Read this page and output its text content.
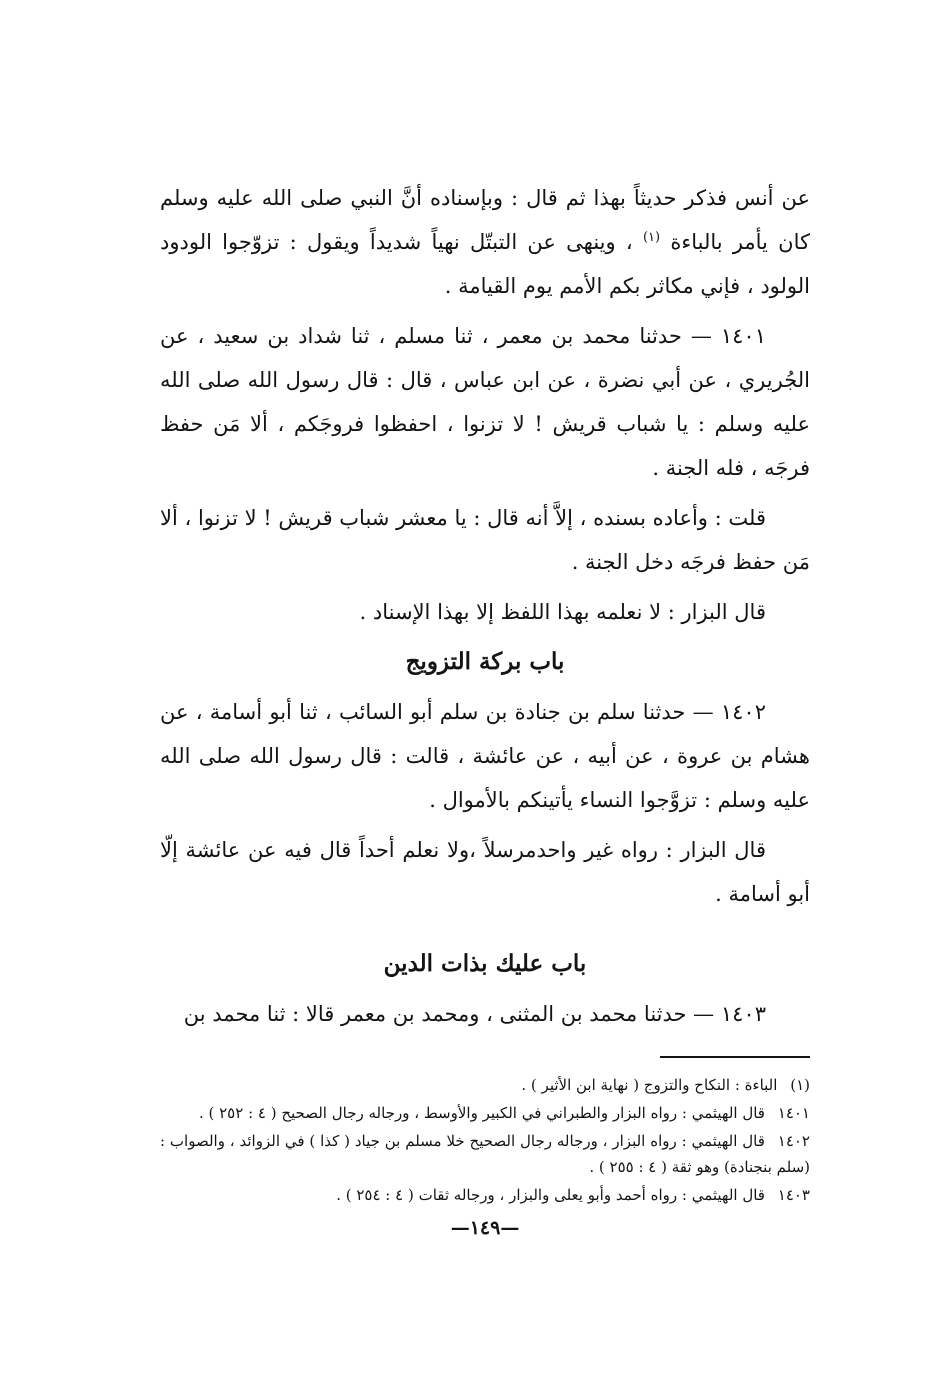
عن أنس فذكر حديثاً بهذا ثم قال : وبإسناده أنَّ النبي صلى الله عليه وسلم كان يأمر بالباءة $^{(١)}$ ، وينهى عن التبتّل نهياً شديداً ويقول : تزوّجوا الودود الولود ، فإني مكاثر بكم الأمم يوم القيامة .

١٤٠١ — حدثنا محمد بن معمر ، ثنا مسلم ، ثنا شداد بن سعيد ، عن الجُريري ، عن أبي نضرة ، عن ابن عباس ، قال : قال رسول الله صلى الله عليه وسلم : يا شباب قريش ! لا تزنوا ، احفظوا فروجَكم ، ألا مَن حفظ فرجَه ، فله الجنة .

قلت : وأعاده بسنده ، إلاَّ أنه قال : يا معشر شباب قريش ! لا تزنوا ، ألا مَن حفظ فرجَه دخل الجنة .

قال البزار : لا نعلمه بهذا اللفظ إلا بهذا الإسناد .

باب بركة التزويج

١٤٠٢ — حدثنا سلم بن جنادة بن سلم أبو السائب ، ثنا أبو أسامة ، عن هشام بن عروة ، عن أبيه ، عن عائشة ، قالت : قال رسول الله صلى الله عليه وسلم : تزوَّجوا النساء يأتينكم بالأموال .

قال البزار : رواه غير واحدمرسلاً ،ولا نعلم أحداً قال فيه عن عائشة إلّا أبو أسامة .

باب عليك بذات الدين

١٤٠٣ — حدثنا محمد بن المثنى ، ومحمد بن معمر قالا : ثنا محمد بن

(١) الباءة : النكاح والتزوج ( نهاية ابن الأثير ) .

١٤٠١ قال الهيثمي : رواه البزار والطبراني في الكبير والأوسط ، ورجاله رجال الصحيح ( ٤ : ٢٥٢ ) .

١٤٠٢ قال الهيثمي : رواه البزار ، ورجاله رجال الصحيح خلا مسلم بن جياد ( كذا ) في الزوائد ، والصواب :(سلم بنجنادة) وهو ثقة ( ٤ : ٢٥٥ ) .

١٤٠٣ قال الهيثمي : رواه أحمد وأبو يعلى والبزار ، ورجاله ثقات ( ٤ : ٢٥٤ ) .

—١٤٩—
